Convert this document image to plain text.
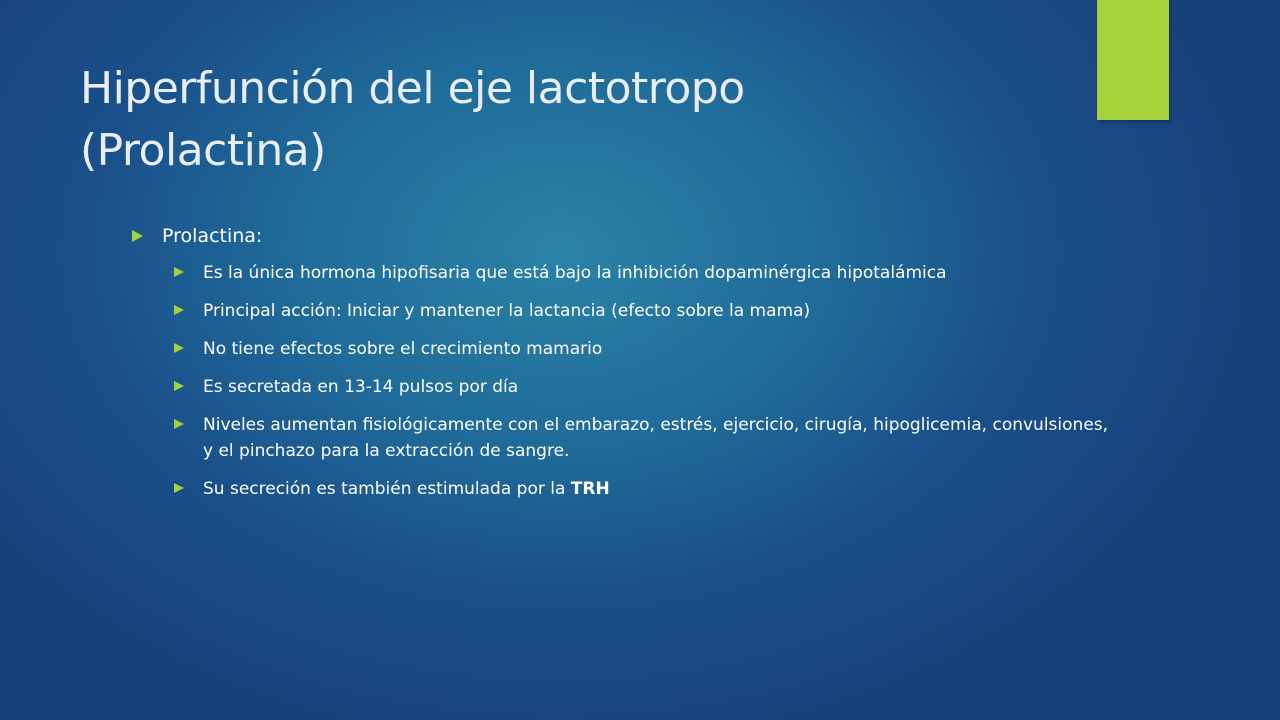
Hiperfunción del eje lactotropo
(Prolactina)
Prolactina:
Es la única hormona hipofisaria que está bajo la inhibición dopaminérgica hipotalámica
Principal acción: Iniciar y mantener la lactancia (efecto sobre la mama)
No tiene efectos sobre el crecimiento mamario
Es secretada en 13-14 pulsos por día
Niveles aumentan fisiológicamente con el embarazo, estrés, ejercicio, cirugía, hipoglicemia, convulsiones, y el pinchazo para la extracción de sangre.
Su secreción es también estimulada por la TRH
